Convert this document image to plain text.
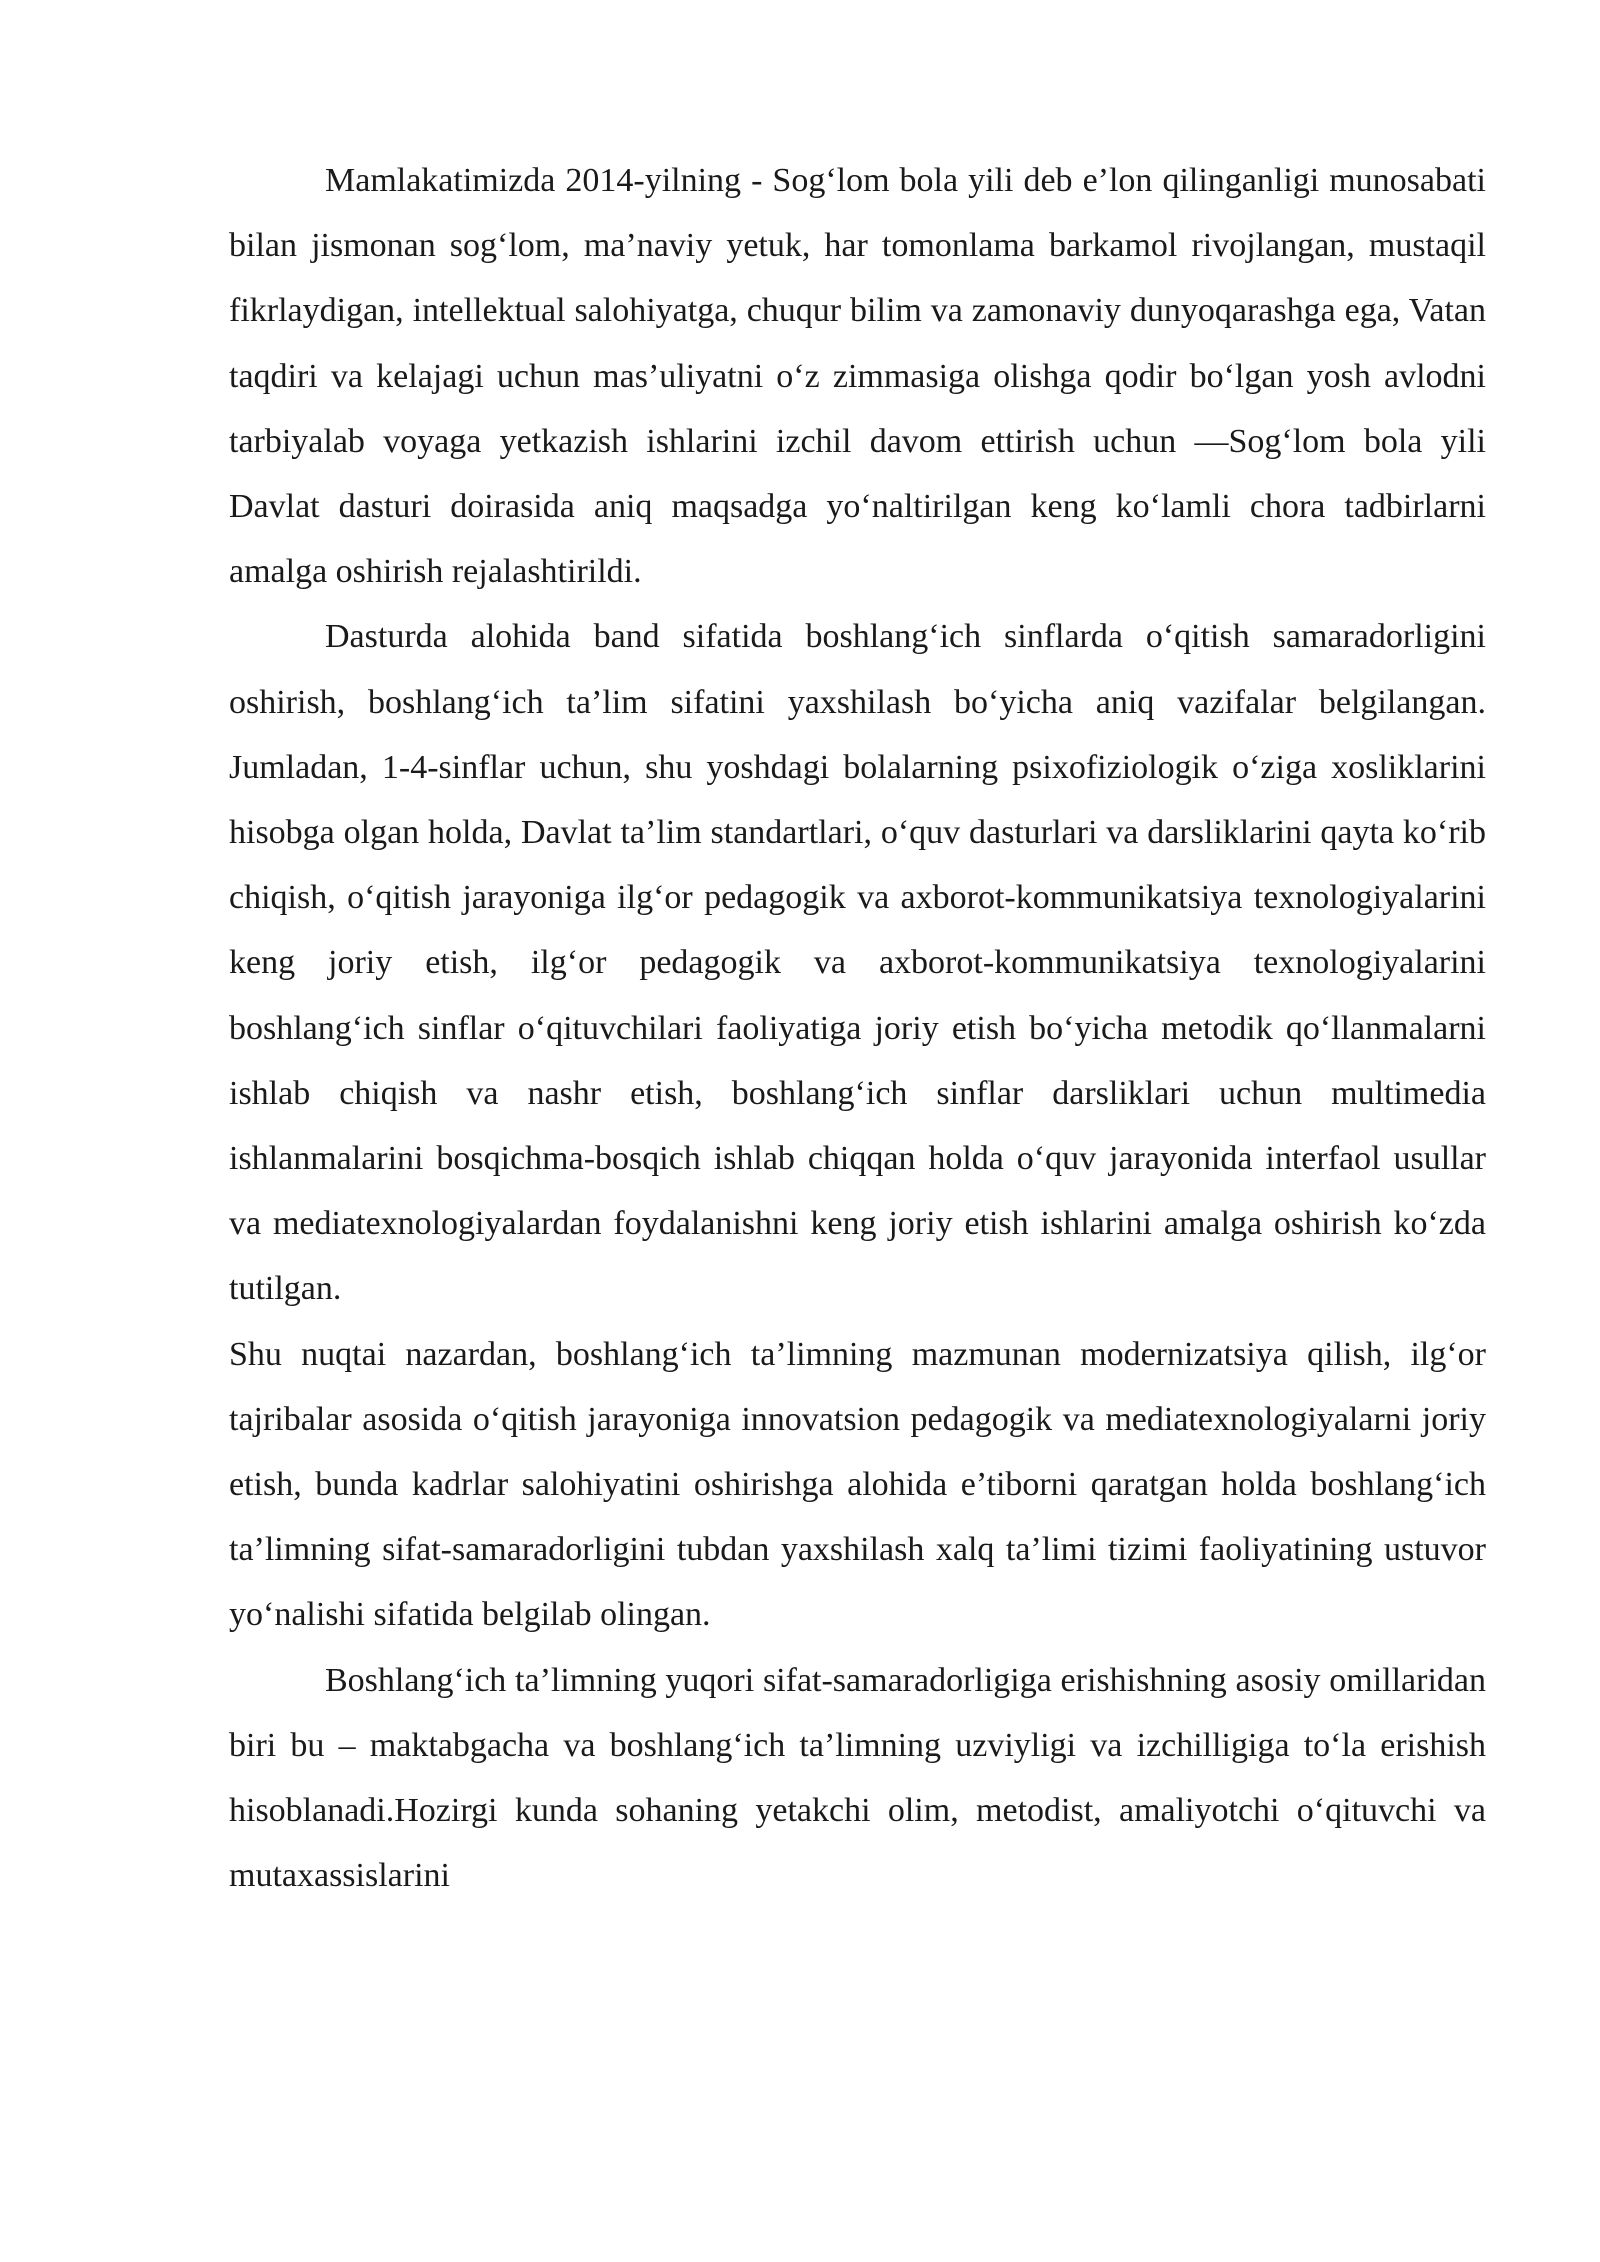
Mamlakatimizda 2014-yilning - Sog‘lom bola yili deb e’lon qilinganligi munosabati bilan jismonan sog‘lom, ma’naviy yetuk, har tomonlama barkamol rivojlangan, mustaqil fikrlaydigan, intellektual salohiyatga, chuqur bilim va zamonaviy dunyoqarashga ega, Vatan taqdiri va kelajagi uchun mas’uliyatni o‘z zimmasiga olishga qodir bo‘lgan yosh avlodni tarbiyalab voyaga yetkazish ishlarini izchil davom ettirish uchun —Sog‘lom bola yili Davlat dasturi doirasida aniq maqsadga yo‘naltirilgan keng ko‘lamli chora tadbirlarni amalga oshirish rejalashtirildi.

Dasturda alohida band sifatida boshlang‘ich sinflarda o‘qitish samaradorligini oshirish, boshlang‘ich ta’lim sifatini yaxshilash bo‘yicha aniq vazifalar belgilangan. Jumladan, 1-4-sinflar uchun, shu yoshdagi bolalarning psixofiziologik o‘ziga xosliklarini hisobga olgan holda, Davlat ta’lim standartlari, o‘quv dasturlari va darsliklarini qayta ko‘rib chiqish, o‘qitish jarayoniga ilg‘or pedagogik va axborot-kommunikatsiya texnologiyalarini keng joriy etish, ilg‘or pedagogik va axborot-kommunikatsiya texnologiyalarini boshlang‘ich sinflar o‘qituvchilari faoliyatiga joriy etish bo‘yicha metodik qo‘llanmalarni ishlab chiqish va nashr etish, boshlang‘ich sinflar darsliklari uchun multimedia ishlanmalarini bosqichma-bosqich ishlab chiqqan holda o‘quv jarayonida interfaol usullar va mediatexnologiyalardan foydalanishni keng joriy etish ishlarini amalga oshirish ko‘zda tutilgan.

Shu nuqtai nazardan, boshlang‘ich ta’limning mazmunan modernizatsiya qilish, ilg‘or tajribalar asosida o‘qitish jarayoniga innovatsion pedagogik va mediatexnologiyalarni joriy etish, bunda kadrlar salohiyatini oshirishga alohida e’tiborni qaratgan holda boshlang‘ich ta’limning sifat-samaradorligini tubdan yaxshilash xalq ta’limi tizimi faoliyatining ustuvor yo‘nalishi sifatida belgilab olingan.

Boshlang‘ich ta’limning yuqori sifat-samaradorligiga erishishning asosiy omillaridan biri bu – maktabgacha va boshlang‘ich ta’limning uzviyligi va izchilligiga to‘la erishish hisoblanadi.Hozirgi kunda sohaning yetakchi olim, metodist, amaliyotchi o‘qituvchi va mutaxassislarini
